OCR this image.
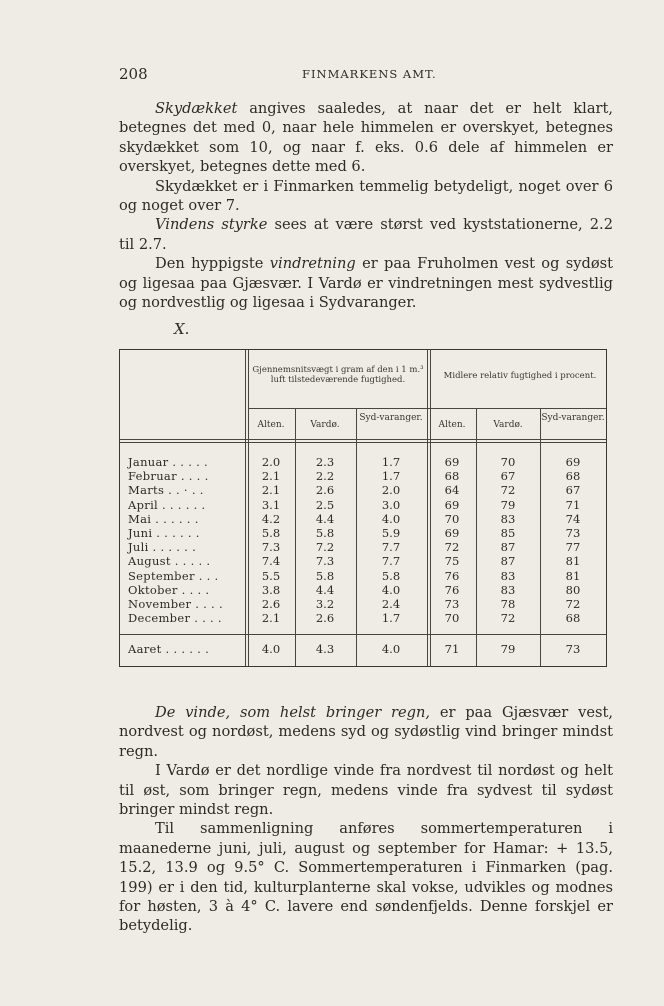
208	FINMARKENS AMT.

Skydækket angives saaledes, at naar det er helt klart, betegnes det med 0, naar hele himmelen er overskyet, betegnes skydækket som 10, og naar f. eks. 0.6 dele af himmelen er overskyet, betegnes dette med 6.

Skydækket er i Finmarken temmelig betydeligt, noget over 6 og noget over 7.

Vindens styrke sees at være størst ved kyststationerne, 2.2 til 2.7.

Den hyppigste vindretning er paa Fruholmen vest og sydøst og ligesaa paa Gjæsvær. I Vardø er vindretningen mest sydvestlig og nordvestlig og ligesaa i Sydvaranger.

X.
Gjennemsnitsvægt i gram af den i 1 m.³ luft tilstedeværende fugtighed.	Midlere relativ fugtighed i procent.
Alten.	Vardø.
Syd-varanger.
Alten.	Vardø.
Syd-varanger.
Januar . . . . .	2.0	2.3	1.7	69	70	69
Februar . . . .	2.1	2.2	1.7	68	67	68
Marts . . · . .	2.1	2.6	2.0	64	72	67
April . . . . . .	3.1	2.5	3.0	69	79	71
Mai . . . . . .	4.2	4.4	4.0	70	83	74
Juni . . . . . .	5.8	5.8	5.9	69	85	73
Juli . . . . . .	7.3	7.2	7.7	72	87	77
August . . . . .	7.4	7.3	7.7	75	87	81
September . . .	5.5	5.8	5.8	76	83	81
Oktober . . . .	3.8	4.4	4.0	76	83	80
November . . . .	2.6	3.2	2.4	73	78	72
December . . . .	2.1	2.6	1.7	70	72	68
Aaret . . . . . .	4.0	4.3	4.0	71	79	73

De vinde, som helst bringer regn, er paa Gjæsvær vest, nordvest og nordøst, medens syd og sydøstlig vind bringer mindst regn.

I Vardø er det nordlige vinde fra nordvest til nordøst og helt til øst, som bringer regn, medens vinde fra sydvest til sydøst bringer mindst regn.

Til sammenligning anføres sommertemperaturen i maanederne juni, juli, august og september for Hamar: + 13.5, 15.2, 13.9 og 9.5° C. Sommertemperaturen i Finmarken (pag. 199) er i den tid, kulturplanterne skal vokse, udvikles og modnes for høsten, 3 à 4° C. lavere end søndenfjelds. Denne forskjel er betydelig.
